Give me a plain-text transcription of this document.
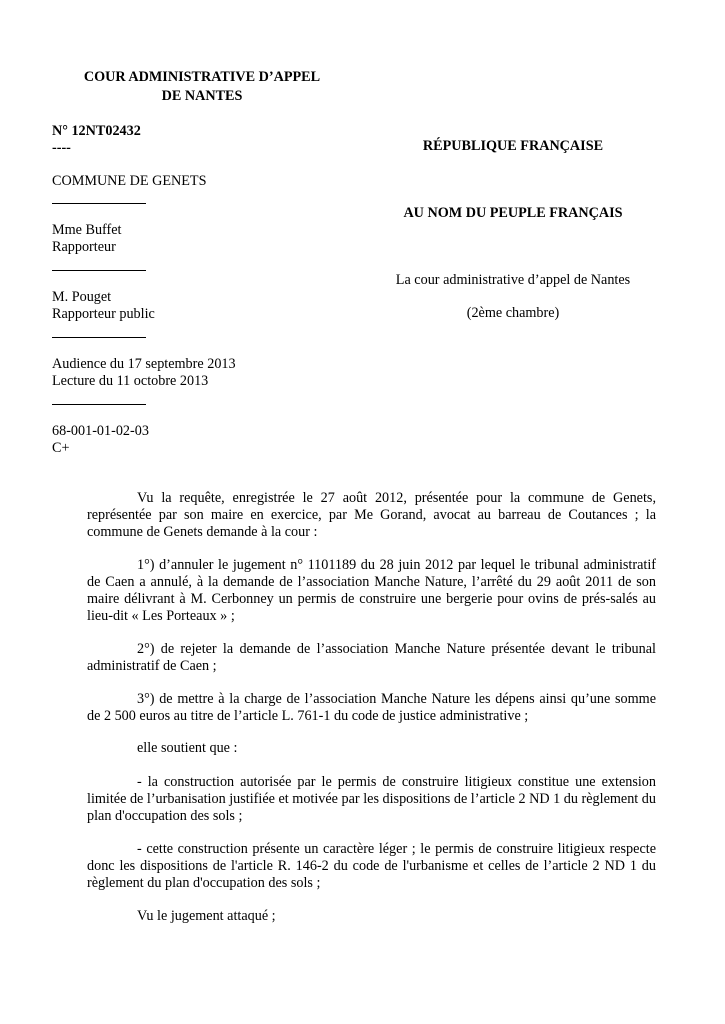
COUR ADMINISTRATIVE D’APPEL
DE NANTES
N° 12NT02432
----
COMMUNE DE GENETS
Mme Buffet
Rapporteur
M. Pouget
Rapporteur public
Audience du 17 septembre 2013
Lecture du 11 octobre 2013
68-001-01-02-03
C+
RÉPUBLIQUE FRANÇAISE
AU NOM DU PEUPLE FRANÇAIS
La cour administrative d’appel de Nantes
(2ème chambre)

Vu la requête, enregistrée le 27 août 2012, présentée pour la commune de Genets, représentée par son maire en exercice, par Me Gorand, avocat au barreau de Coutances ; la commune de Genets demande à la cour :

1°) d’annuler le jugement n° 1101189 du 28 juin 2012 par lequel le tribunal administratif de Caen a annulé, à la demande de l’association Manche Nature, l’arrêté du 29 août 2011 de son maire délivrant à M. Cerbonney un permis de construire une bergerie pour ovins de prés-salés au lieu-dit « Les Porteaux » ;

2°) de rejeter la demande de l’association Manche Nature présentée devant le tribunal administratif de Caen ;

3°) de mettre à la charge de l’association Manche Nature les dépens ainsi qu’une somme de 2 500 euros au titre de l’article L. 761-1 du code de justice administrative ;

elle soutient que :

- la construction autorisée par le permis de construire litigieux constitue une extension limitée de l’urbanisation justifiée et motivée par les dispositions de l’article 2 ND 1 du règlement du plan d'occupation des sols ;

- cette construction présente un caractère léger ; le permis de construire litigieux respecte donc les dispositions de l'article R. 146-2 du code de l'urbanisme et celles de l’article 2 ND 1 du règlement du plan d'occupation des sols ;

Vu le jugement attaqué ;
